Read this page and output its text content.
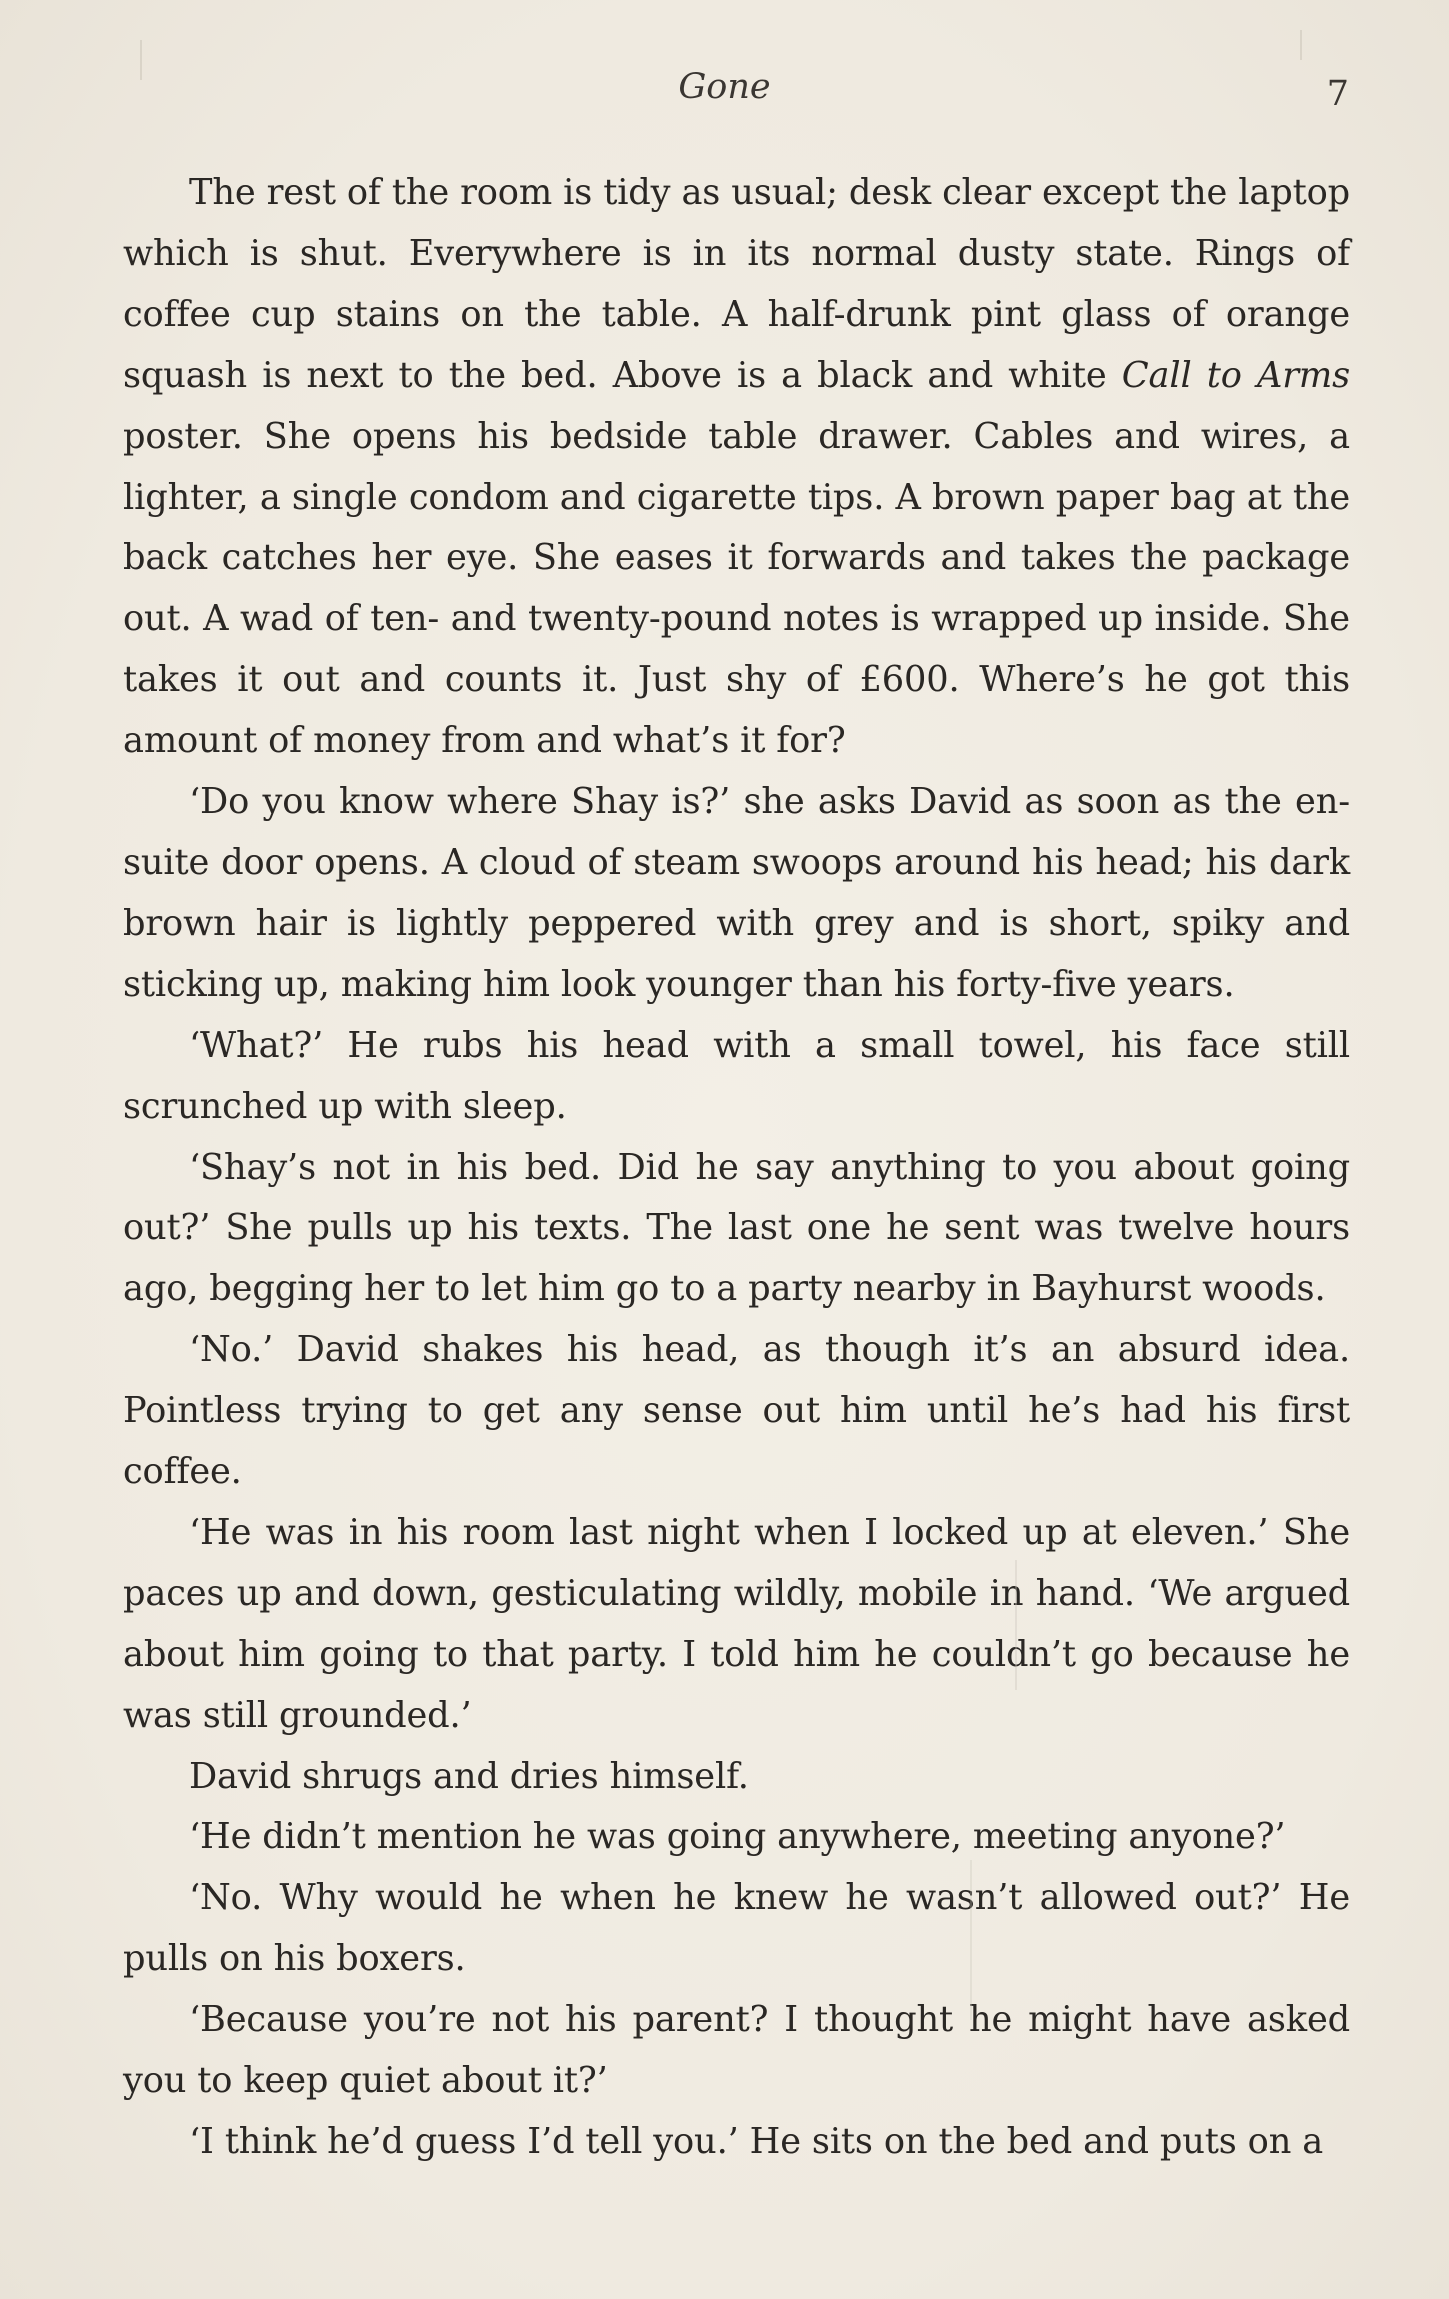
Gone	7

The rest of the room is tidy as usual; desk clear except the laptop which is shut. Everywhere is in its normal dusty state. Rings of coffee cup stains on the table. A half-drunk pint glass of orange squash is next to the bed. Above is a black and white Call to Arms poster. She opens his bedside table drawer. Cables and wires, a lighter, a single condom and cigarette tips. A brown paper bag at the back catches her eye. She eases it forwards and takes the package out. A wad of ten- and twenty-pound notes is wrapped up inside. She takes it out and counts it. Just shy of £600. Where’s he got this amount of money from and what’s it for?

‘Do you know where Shay is?’ she asks David as soon as the en-suite door opens. A cloud of steam swoops around his head; his dark brown hair is lightly peppered with grey and is short, spiky and sticking up, making him look younger than his forty-five years.

‘What?’ He rubs his head with a small towel, his face still scrunched up with sleep.

‘Shay’s not in his bed. Did he say anything to you about going out?’ She pulls up his texts. The last one he sent was twelve hours ago, begging her to let him go to a party nearby in Bayhurst woods.

‘No.’ David shakes his head, as though it’s an absurd idea. Pointless trying to get any sense out him until he’s had his first coffee.

‘He was in his room last night when I locked up at eleven.’ She paces up and down, gesticulating wildly, mobile in hand. ‘We argued about him going to that party. I told him he couldn’t go because he was still grounded.’

David shrugs and dries himself.

‘He didn’t mention he was going anywhere, meeting anyone?’

‘No. Why would he when he knew he wasn’t allowed out?’ He pulls on his boxers.

‘Because you’re not his parent? I thought he might have asked you to keep quiet about it?’

‘I think he’d guess I’d tell you.’ He sits on the bed and puts on a
